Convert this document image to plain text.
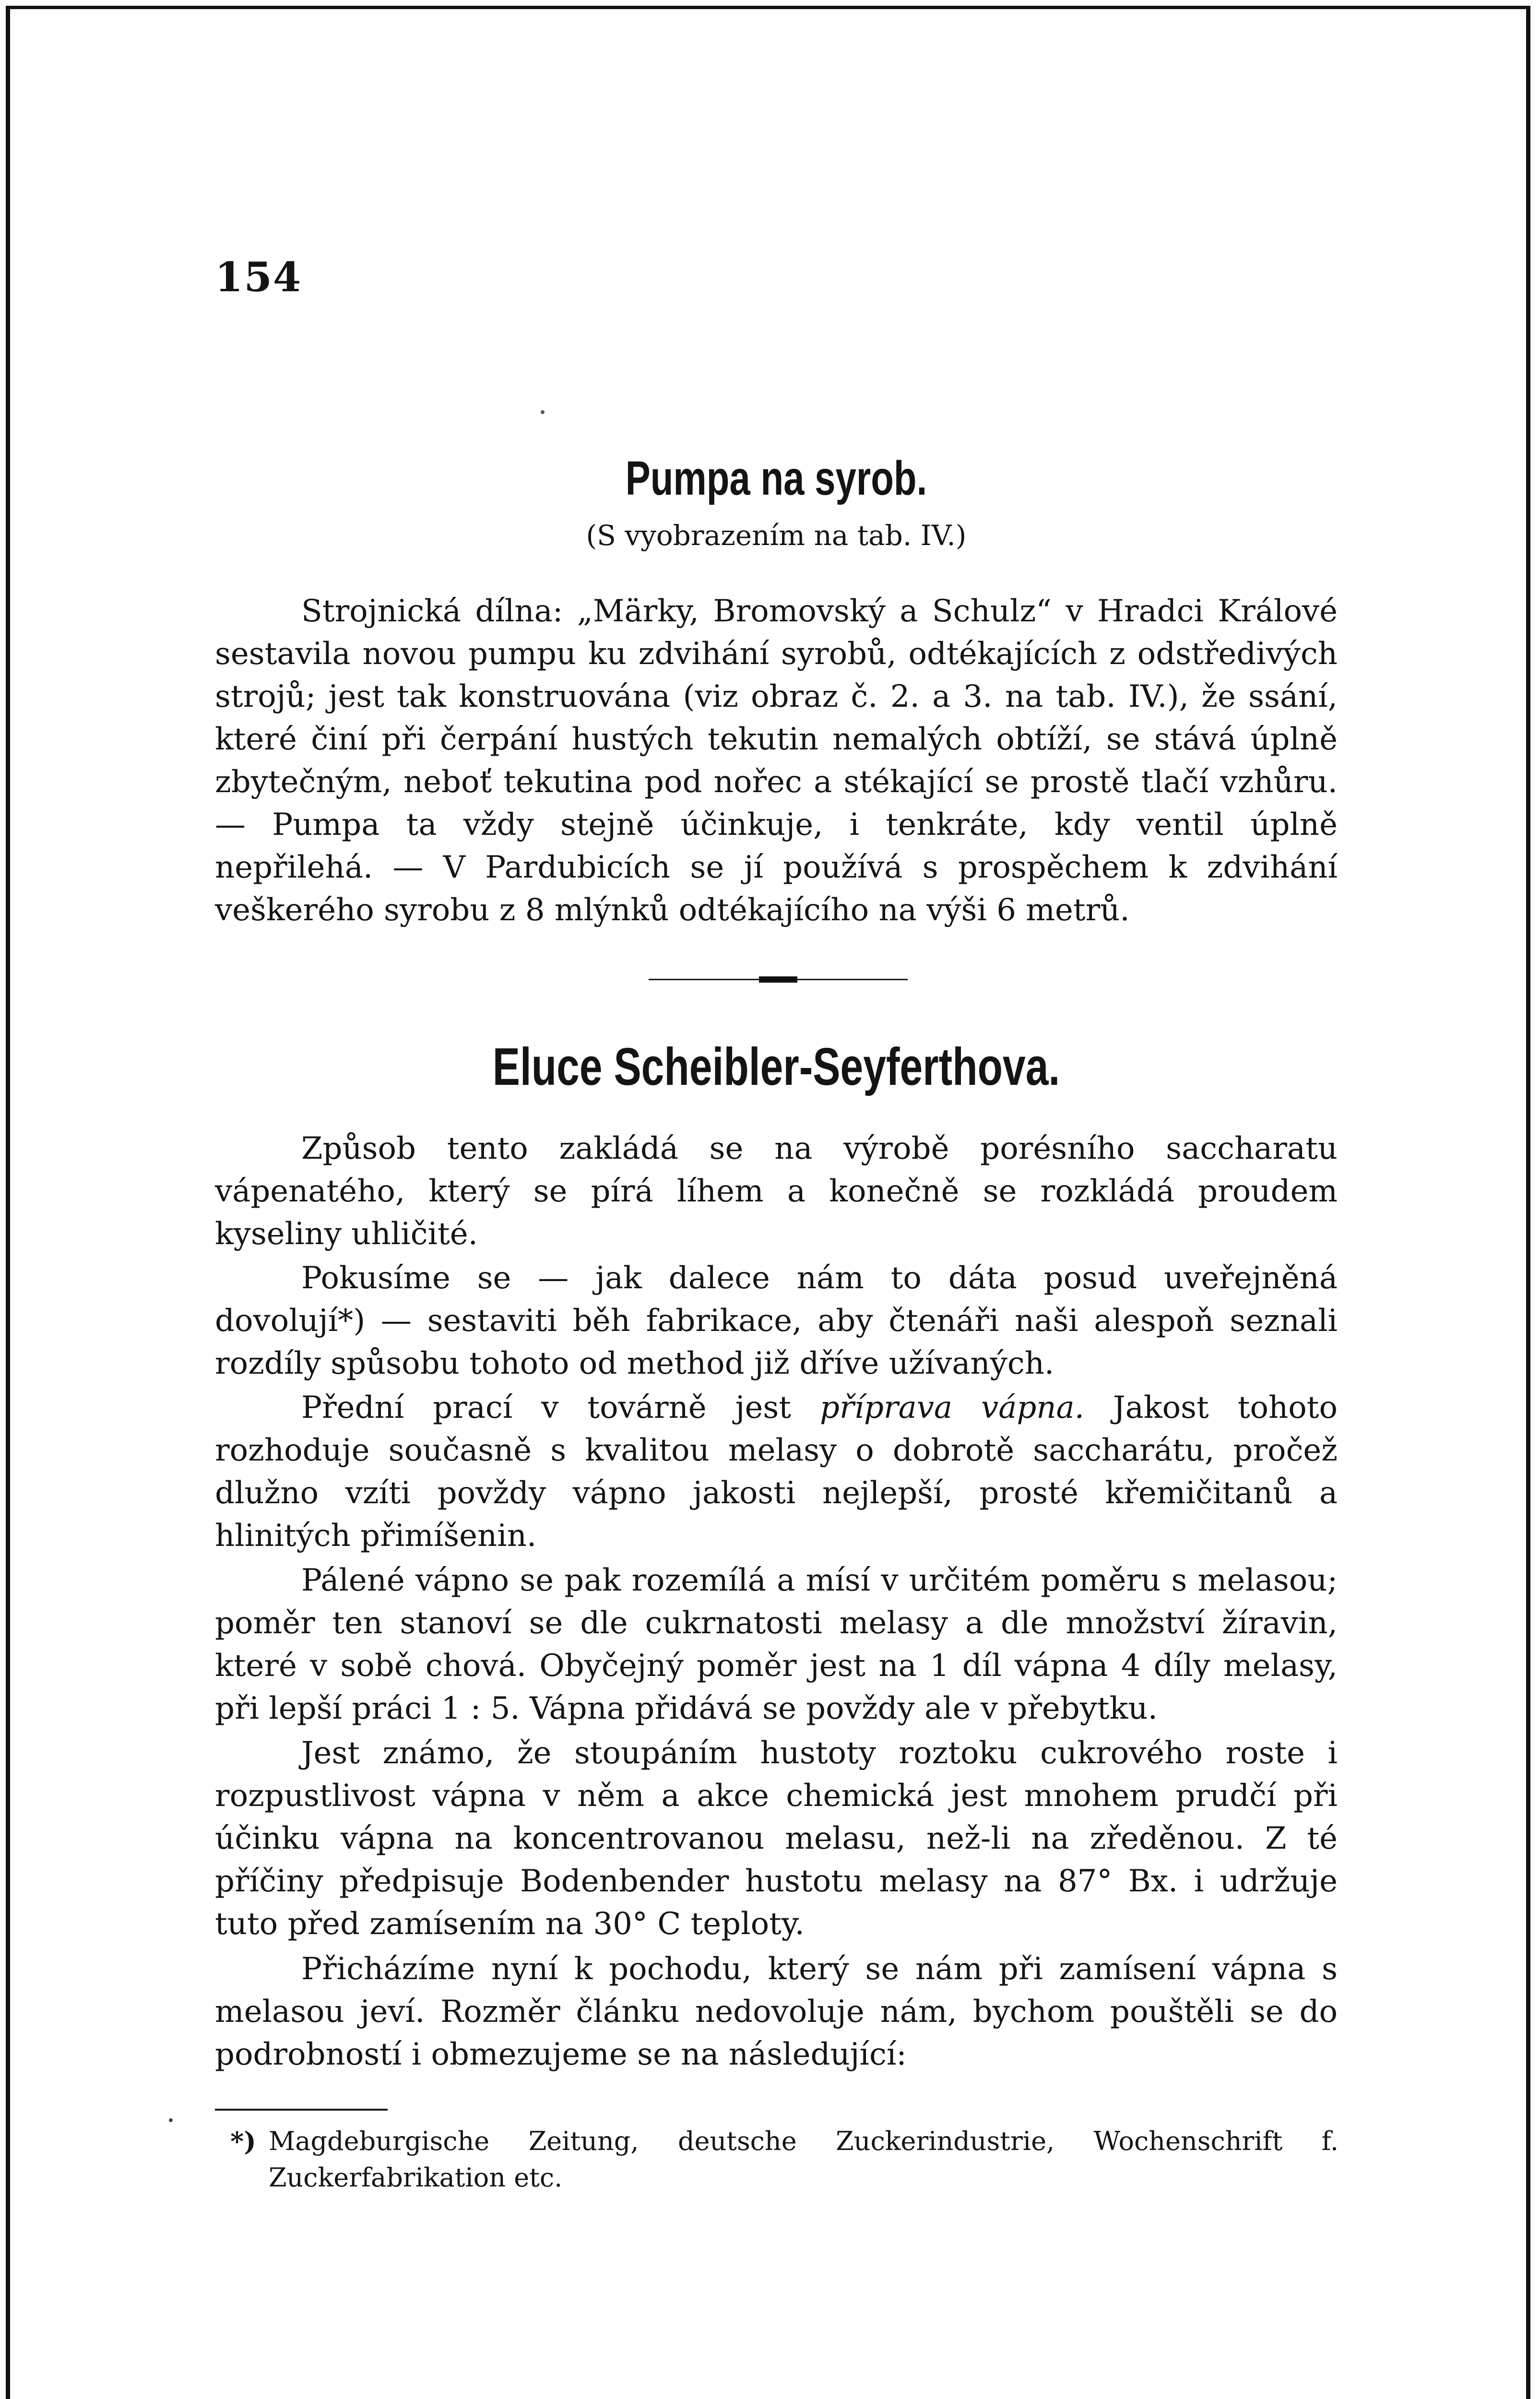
154
Pumpa na syrob.
(S vyobrazením na tab. IV.)

Strojnická dílna: „Märky, Bromovský a Schulz“ v Hradci Králové sestavila novou pumpu ku zdvihání syrobů, odtékajících z odstředivých strojů; jest tak konstruována (viz obraz č. 2. a 3. na tab. IV.), že ssání, které činí při čerpání hustých tekutin nemalých obtíží, se stává úplně zbytečným, neboť tekutina pod nořec a stékající se prostě tlačí vzhůru. — Pumpa ta vždy stejně účinkuje, i tenkráte, kdy ventil úplně nepřilehá. — V Pardubicích se jí používá s prospěchem k zdvihání veškerého syrobu z 8 mlýnků odtékajícího na výši 6 metrů.

Eluce Scheibler-Seyferthova.

Způsob tento zakládá se na výrobě porésního saccharatu vápenatého, který se pírá líhem a konečně se rozkládá proudem kyseliny uhličité.

Pokusíme se — jak dalece nám to dáta posud uveřejněná dovolují*) — sestaviti běh fabrikace, aby čtenáři naši alespoň seznali rozdíly spůsobu tohoto od method již dříve užívaných.

Přední prací v továrně jest příprava vápna. Jakost tohoto rozhoduje současně s kvalitou melasy o dobrotě saccharátu, pročež dlužno vzíti povždy vápno jakosti nejlepší, prosté křemičitanů a hlinitých přimíšenin.

Pálené vápno se pak rozemílá a mísí v určitém poměru s melasou; poměr ten stanoví se dle cukrnatosti melasy a dle množství žíravin, které v sobě chová. Obyčejný poměr jest na 1 díl vápna 4 díly melasy, při lepší práci 1 : 5. Vápna přidává se povždy ale v přebytku.

Jest známo, že stoupáním hustoty roztoku cukrového roste i rozpustlivost vápna v něm a akce chemická jest mnohem prudčí při účinku vápna na koncentrovanou melasu, než-li na zředěnou. Z té příčiny předpisuje Bodenbender hustotu melasy na 87° Bx. i udržuje tuto před zamísením na 30° C teploty.

Přicházíme nyní k pochodu, který se nám při zamísení vápna s melasou jeví. Rozměr článku nedovoluje nám, bychom pouštěli se do podrobností i obmezujeme se na následující:

*) Magdeburgische Zeitung, deutsche Zuckerindustrie, Wochenschrift f. Zuckerfabrikation etc.
